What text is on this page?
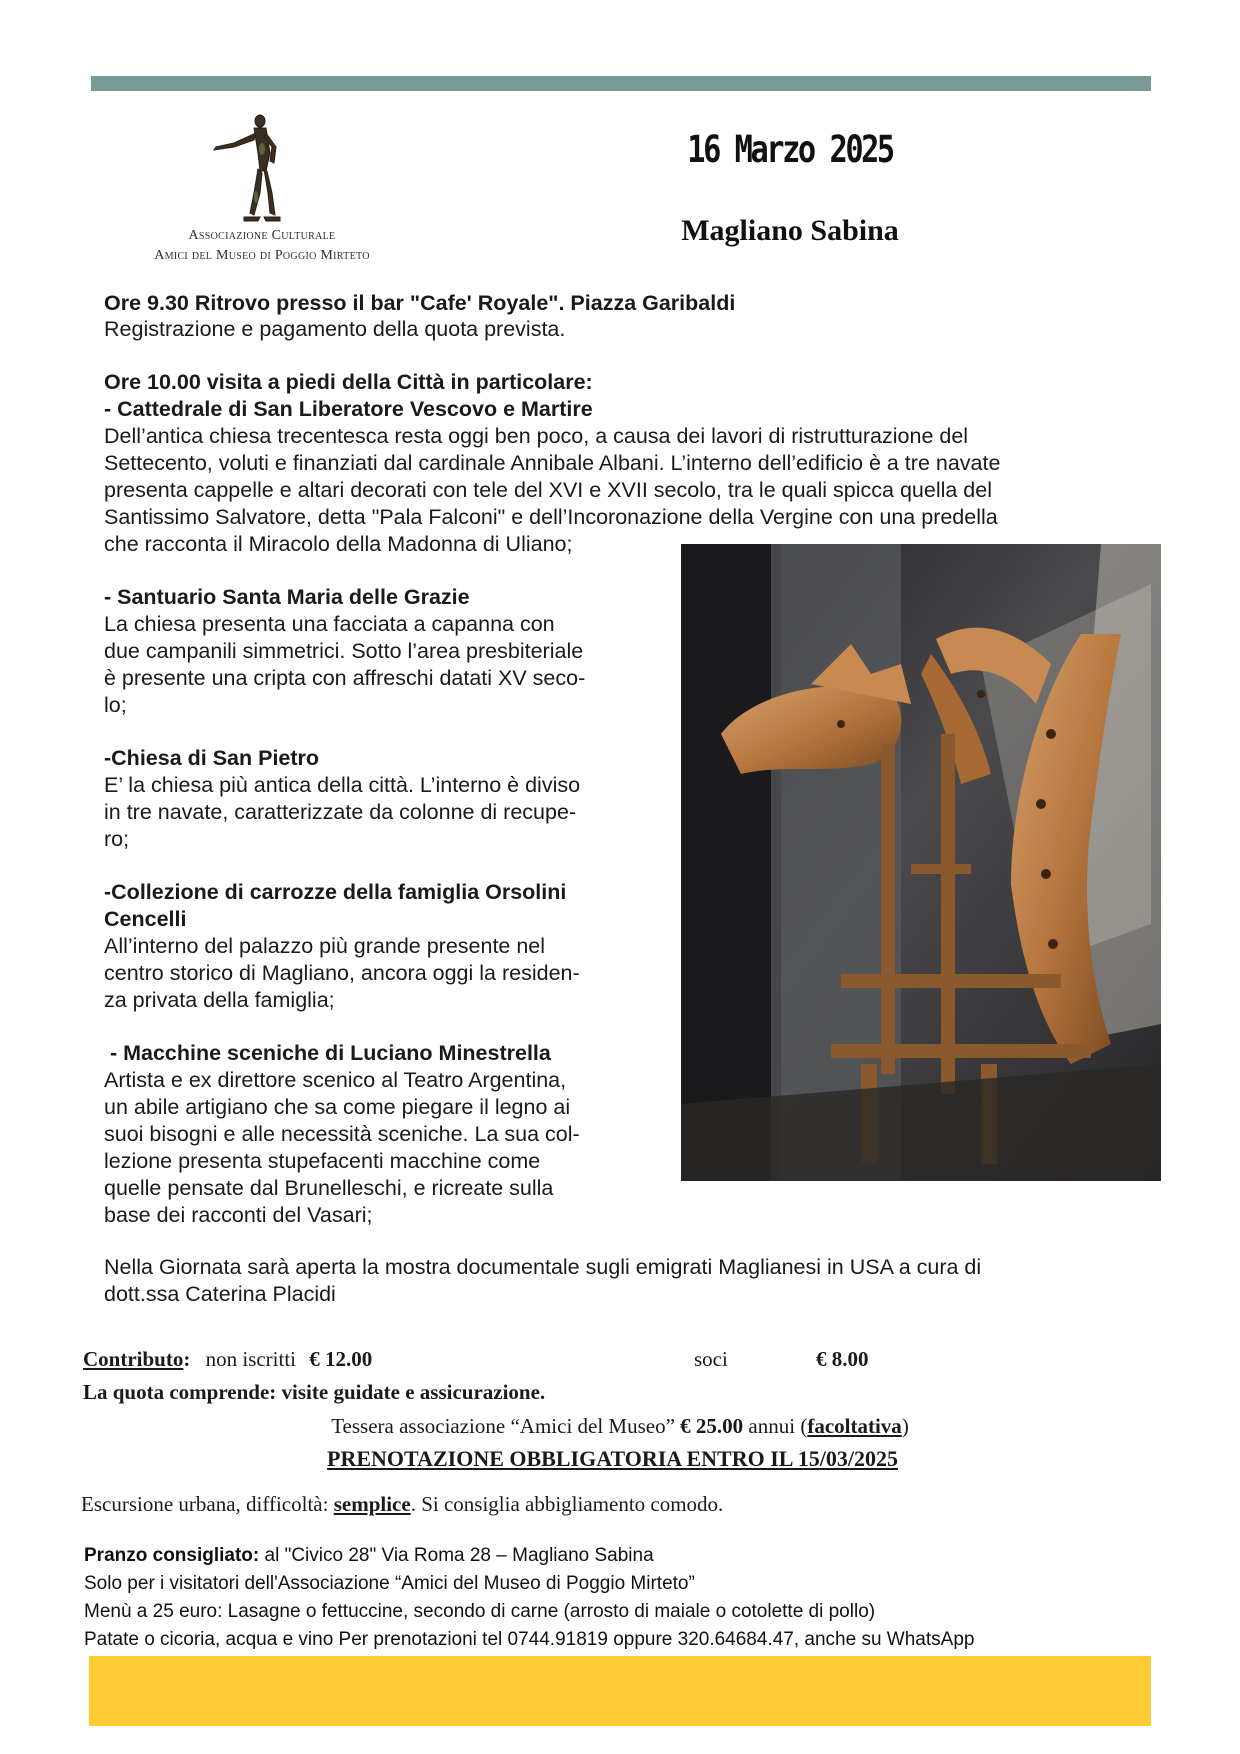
Associazione Culturale
Amici del Museo di Poggio Mirteto
16 Marzo 2025
Magliano Sabina
Ore 9.30 Ritrovo presso il bar "Cafe' Royale". Piazza Garibaldi
Registrazione e pagamento della quota prevista.
Ore 10.00 visita a piedi della Città in particolare:
- Cattedrale di San Liberatore Vescovo e Martire
Dell’antica chiesa trecentesca resta oggi ben poco, a causa dei lavori di ristrutturazione del
Settecento, voluti e finanziati dal cardinale Annibale Albani. L’interno dell’edificio è a tre navate
presenta cappelle e altari decorati con tele del XVI e XVII secolo, tra le quali spicca quella del
Santissimo Salvatore, detta "Pala Falconi" e dell’Incoronazione della Vergine con una predella
che racconta il Miracolo della Madonna di Uliano;
- Santuario Santa Maria delle Grazie
La chiesa presenta una facciata a capanna con
due campanili simmetrici. Sotto l’area presbiteriale
è presente una cripta con affreschi datati XV seco-
lo;
-Chiesa di San Pietro
E’ la chiesa più antica della città. L’interno è diviso
in tre navate, caratterizzate da colonne di recupe-
ro;
-Collezione di carrozze della famiglia Orsolini
Cencelli
All’interno del palazzo più grande presente nel
centro storico di Magliano, ancora oggi la residen-
za privata della famiglia;
- Macchine sceniche di Luciano Minestrella
Artista e ex direttore scenico al Teatro Argentina,
un abile artigiano che sa come piegare il legno ai
suoi bisogni e alle necessità sceniche. La sua col-
lezione presenta stupefacenti macchine come
quelle pensate dal Brunelleschi, e ricreate sulla
base dei racconti del Vasari;
Nella Giornata sarà aperta la mostra documentale sugli emigrati Maglianesi in USA a cura di
dott.ssa Caterina Placidi
Contributo: non iscritti € 12.00	soci	€ 8.00
La quota comprende: visite guidate e assicurazione.
Tessera associazione “Amici del Museo” € 25.00 annui (facoltativa)
PRENOTAZIONE OBBLIGATORIA ENTRO IL 15/03/2025
Escursione urbana, difficoltà: semplice. Si consiglia abbigliamento comodo.
Pranzo consigliato: al "Civico 28" Via Roma 28 – Magliano Sabina
Solo per i visitatori dell'Associazione “Amici del Museo di Poggio Mirteto”
Menù a 25 euro: Lasagne o fettuccine, secondo di carne (arrosto di maiale o cotolette di pollo)
Patate o cicoria, acqua e vino Per prenotazioni tel 0744.91819 oppure 320.64684.47, anche su WhatsApp
